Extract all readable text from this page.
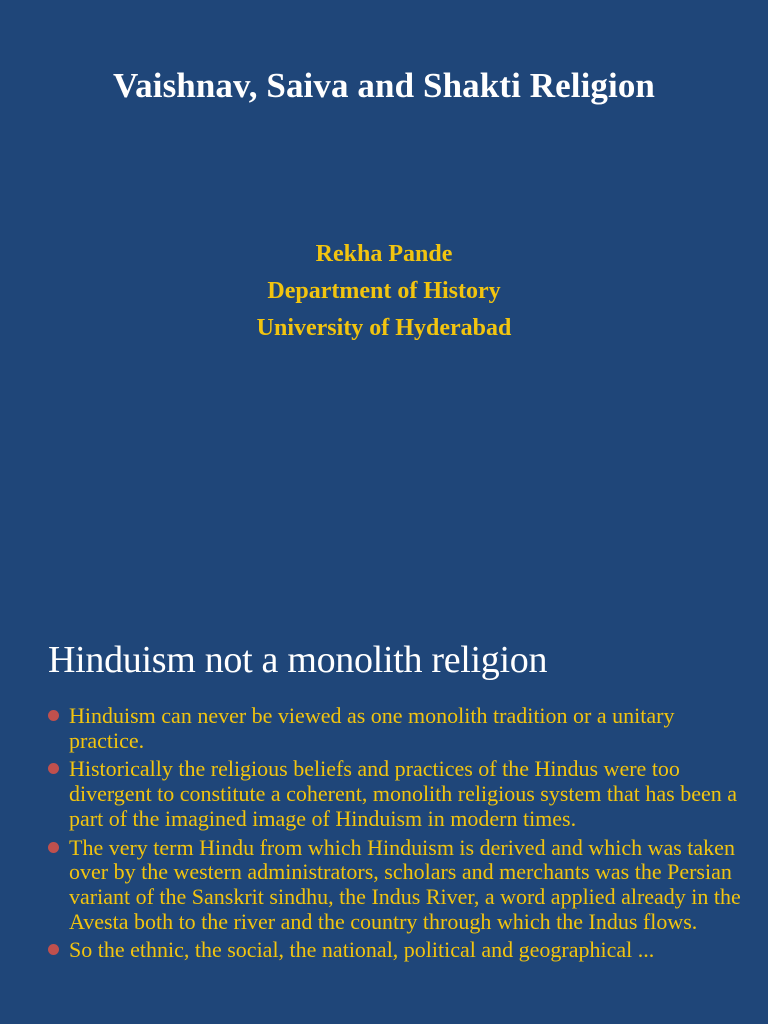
Vaishnav, Saiva and Shakti Religion
Rekha Pande
Department of History
University of Hyderabad
Hinduism not a monolith religion
Hinduism can never be viewed as one monolith tradition or a unitary practice.
Historically the religious beliefs and practices of the Hindus were too divergent to constitute a coherent, monolith religious system that has been a part of the imagined image of Hinduism in modern times.
The very term Hindu from which Hinduism is derived and which was taken over by the western administrators, scholars and merchants was the Persian variant of the Sanskrit sindhu, the Indus River, a word applied already in the Avesta both to the river and the country through which the Indus flows.
So the ethnic, the social, the national, political and geographical ...
